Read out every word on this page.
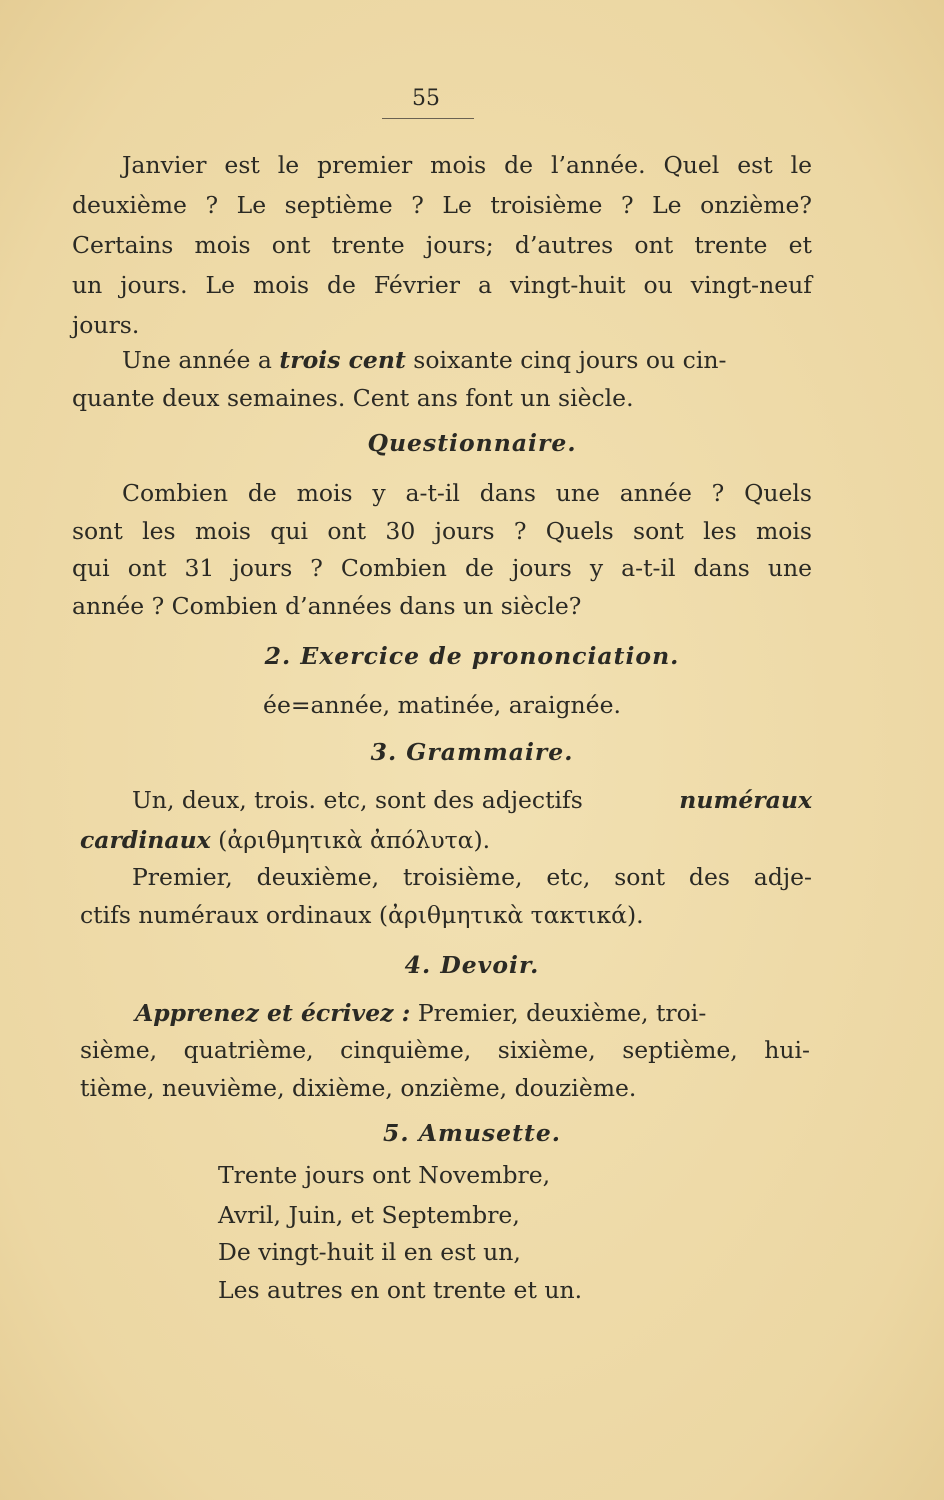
55
Janvier est le premier mois de l’année. Quel est le
deuxième ? Le septième ? Le troisième ? Le onzième?
Certains mois ont trente jours; d’autres ont trente et
un jours. Le mois de Février a vingt-huit ou vingt-neuf
jours.
Une année a trois cent soixante cinq jours ou cin-
quante deux semaines. Cent ans font un siècle.
Questionnaire.
Combien de mois y a-t-il dans une année ? Quels
sont les mois qui ont 30 jours ? Quels sont les mois
qui ont 31 jours ? Combien de jours y a-t-il dans une
année ? Combien d’années dans un siècle?
2. Exercice de prononciation.
ée=année, matinée, araignée.
3. Grammaire.
Un, deux, trois. etc, sont des adjectifs	numéraux
cardinaux (ἀριθμητικὰ ἀπόλυτα).
Premier, deuxième, troisième, etc, sont des adje-
ctifs numéraux ordinaux (ἀριθμητικὰ τακτικά).
4. Devoir.
Apprenez et écrivez : Premier, deuxième, troi-
sième, quatrième, cinquième, sixième, septième, hui-
tième, neuvième, dixième, onzième, douzième.
5. Amusette.
Trente jours ont Novembre,
Avril, Juin, et Septembre,
De vingt-huit il en est un,
Les autres en ont trente et un.
